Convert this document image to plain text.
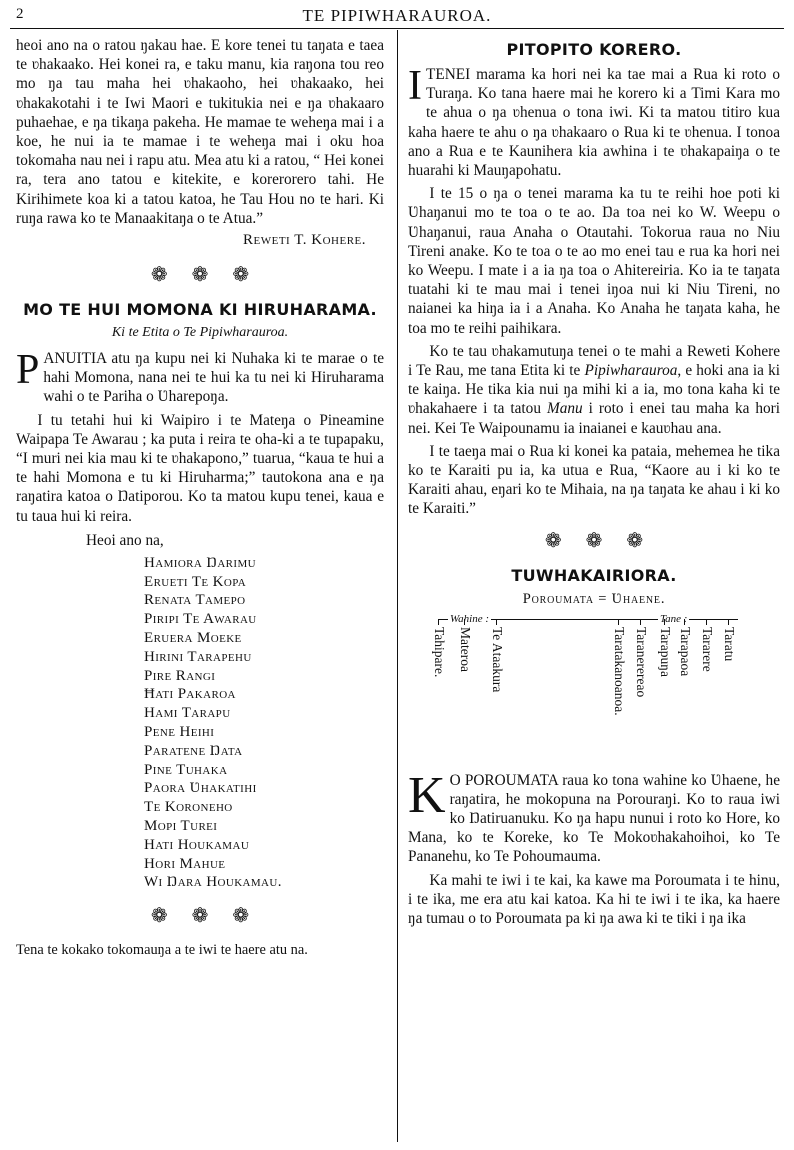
2	TE PIPIWHARAUROA.

heoi ano na o ratou ŋakau hae. E kore tenei tu taŋata e taea te ʋhakaako. Hei konei ra, e taku manu, kia raŋona tou reo mo ŋa tau maha hei ʋhakaoho, hei ʋhakaako, hei ʋhakakotahi i te Iwi Maori e tukitukia nei e ŋa ʋhakaaro puhaehae, e ŋa tikaŋa pakeha. He mamae te weheŋa mai i a koe, he nui ia te mamae i te weheŋa mai i oku hoa tokomaha nau nei i rapu atu. Mea atu ki a ratou, “ Hei konei ra, tera ano tatou e kitekite, e korerorero tahi. He Kirihimete koa ki a tatou katoa, he Tau Hou no te hari. Ki ruŋa rawa ko te Manaakitaŋa o te Atua.”

Reweti T. Kohere.
❁ ❁ ❁
MO TE HUI MOMONA KI HIRUHARAMA.
Ki te Etita o Te Pipiwharauroa.

PANUITIA atu ŋa kupu nei ki Nuhaka ki te marae o te hahi Momona, nana nei te hui ka tu nei ki Hiruharama wahi o te Pariha o Ʋharepoŋa.

I tu tetahi hui ki Waipiro i te Mateŋa o Pineamine Waipapa Te Awarau ; ka puta i reira te oha-ki a te tupapaku, “I muri nei kia mau ki te ʋhakapono,” tuarua, “kaua te hui a te hahi Momona e tu ki Hiruharma;” tautokona ana e ŋa raŋatira katoa o Ŋatiporou. Ko ta matou kupu tenei, kaua e tu taua hui ki reira.

Heoi ano na,
Hamiora Ŋarimu
Erueti Te Kopa
Renata Tamepo
Piripi Te Awarau
Eruera Moeke
Hirini Tarapehu
Pire Rangi
Ħati Pakaroa
Hami Tarapu
Pene Heihi
Paratene Ŋata
Pine Tuhaka
Paora Ʋhakatihi
Te Koroneho
Mopi Turei
Hati Houkamau
Hori Mahue
Wi Ŋara Houkamau.
❁ ❁ ❁

Tena te kokako tokomauŋa a te iwi te haere atu na.

PITOPITO KORERO.

ITENEI marama ka hori nei ka tae mai a Rua ki roto o Turaŋa. Ko tana haere mai he korero ki a Timi Kara mo te ahua o ŋa ʋhenua o tona iwi. Ki ta matou titiro kua kaha haere te ahu o ŋa ʋhakaaro o Rua ki te ʋhenua. I tonoa ano a Rua e te Kaunihera kia awhina i te ʋhakapaiŋa o te huarahi ki Mauŋapohatu.

I te 15 o ŋa o tenei marama ka tu te reihi hoe poti ki Ʋhaŋanui mo te toa o te ao. Ŋa toa nei ko W. Weepu o Ʋhaŋanui, raua Anaha o Otautahi. Tokorua raua no Niu Tireni anake. Ko te toa o te ao mo enei tau e rua ka hori nei ko Weepu. I mate i a ia ŋa toa o Ahitereiria. Ko ia te taŋata tuatahi ki te mau mai i tenei iŋoa nui ki Niu Tireni, no naianei ka hiŋa ia i a Anaha. Ko Anaha he taŋata kaha, he toa mo te reihi paihikara.

Ko te tau ʋhakamutuŋa tenei o te mahi a Reweti Kohere i Te Rau, me tana Etita ki te Pipiwharauroa, e hoki ana ia ki te kaiŋa. He tika kia nui ŋa mihi ki a ia, mo tona kaha ki te ʋhakahaere i ta tatou Manu i roto i enei tau maha ka hori nei. Kei Te Waipounamu ia inaianei e kauʋhau ana.

I te taeŋa mai o Rua ki konei ka pataia, mehemea he tika ko te Karaiti pu ia, ka utua e Rua, “Kaore au i ki ko te Karaiti ahau, eŋari ko te Mihaia, na ŋa taŋata ke ahau i ki ko te Karaiti.”

❁ ❁ ❁
TUWHAKAIRIORA.
Poroumata = Ʋhaene.
Wahine :	Tane :
Tahipare. Materoa Te Ataakura	Taratakanoanoa. Taranerereao Tarapuŋa Tarapaoa Tararere Taratu

K O POROUMATA raua ko tona wahine ko Ʋhaene, he raŋatira, he mokopuna na Porouraŋi. Ko to raua iwi ko Ŋatiruanuku. Ko ŋa hapu nunui i roto ko Hore, ko Mana, ko te Koreke, ko Te Mokoʋhakahoihoi, ko Te Pananehu, ko Te Pohoumauma.

Ka mahi te iwi i te kai, ka kawe ma Poroumata i te hinu, i te ika, me era atu kai katoa. Ka hi te iwi i te ika, ka haere ŋa tumau o to Poroumata pa ki ŋa awa ki te tiki i ŋa ika
